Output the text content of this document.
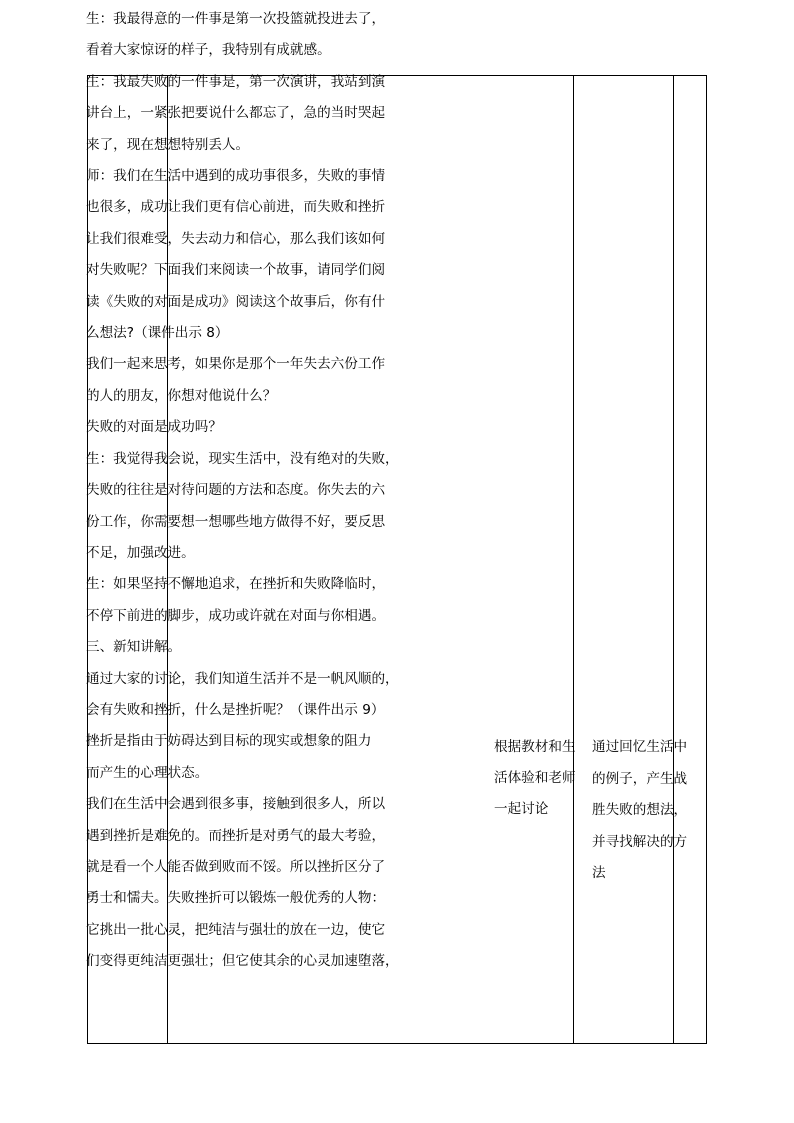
生：我最得意的一件事是第一次投篮就投进去了，

看着大家惊讶的样子，我特别有成就感。

生：我最失败的一件事是，第一次演讲，我站到演

讲台上，一紧张把要说什么都忘了，急的当时哭起

来了，现在想想特别丢人。

师：我们在生活中遇到的成功事很多，失败的事情

也很多，成功让我们更有信心前进，而失败和挫折

让我们很难受，失去动力和信心，那么我们该如何

对失败呢？下面我们来阅读一个故事，请同学们阅

读《失败的对面是成功》阅读这个故事后，你有什

么想法?（课件出示 8）

我们一起来思考，如果你是那个一年失去六份工作

的人的朋友，你想对他说什么？

失败的对面是成功吗？

生：我觉得我会说，现实生活中，没有绝对的失败，

失败的往往是对待问题的方法和态度。你失去的六

份工作，你需要想一想哪些地方做得不好，要反思

不足，加强改进。

生：如果坚持不懈地追求，在挫折和失败降临时，

不停下前进的脚步，成功或许就在对面与你相遇。

三、新知讲解。

通过大家的讨论，我们知道生活并不是一帆风顺的，

会有失败和挫折，什么是挫折呢？（课件出示 9）

挫折是指由于妨碍达到目标的现实或想象的阻力

而产生的心理状态。

我们在生活中会遇到很多事，接触到很多人，所以

遇到挫折是难免的。而挫折是对勇气的最大考验，

就是看一个人能否做到败而不馁。所以挫折区分了

勇士和懦夫。失败挫折可以锻炼一般优秀的人物：

它挑出一批心灵，把纯洁与强壮的放在一边，使它

们变得更纯洁更强壮；但它使其余的心灵加速堕落，

根据教材和生

活体验和老师

一起讨论

通过回忆生活中

的例子，产生战

胜失败的想法，

并寻找解决的方

法
